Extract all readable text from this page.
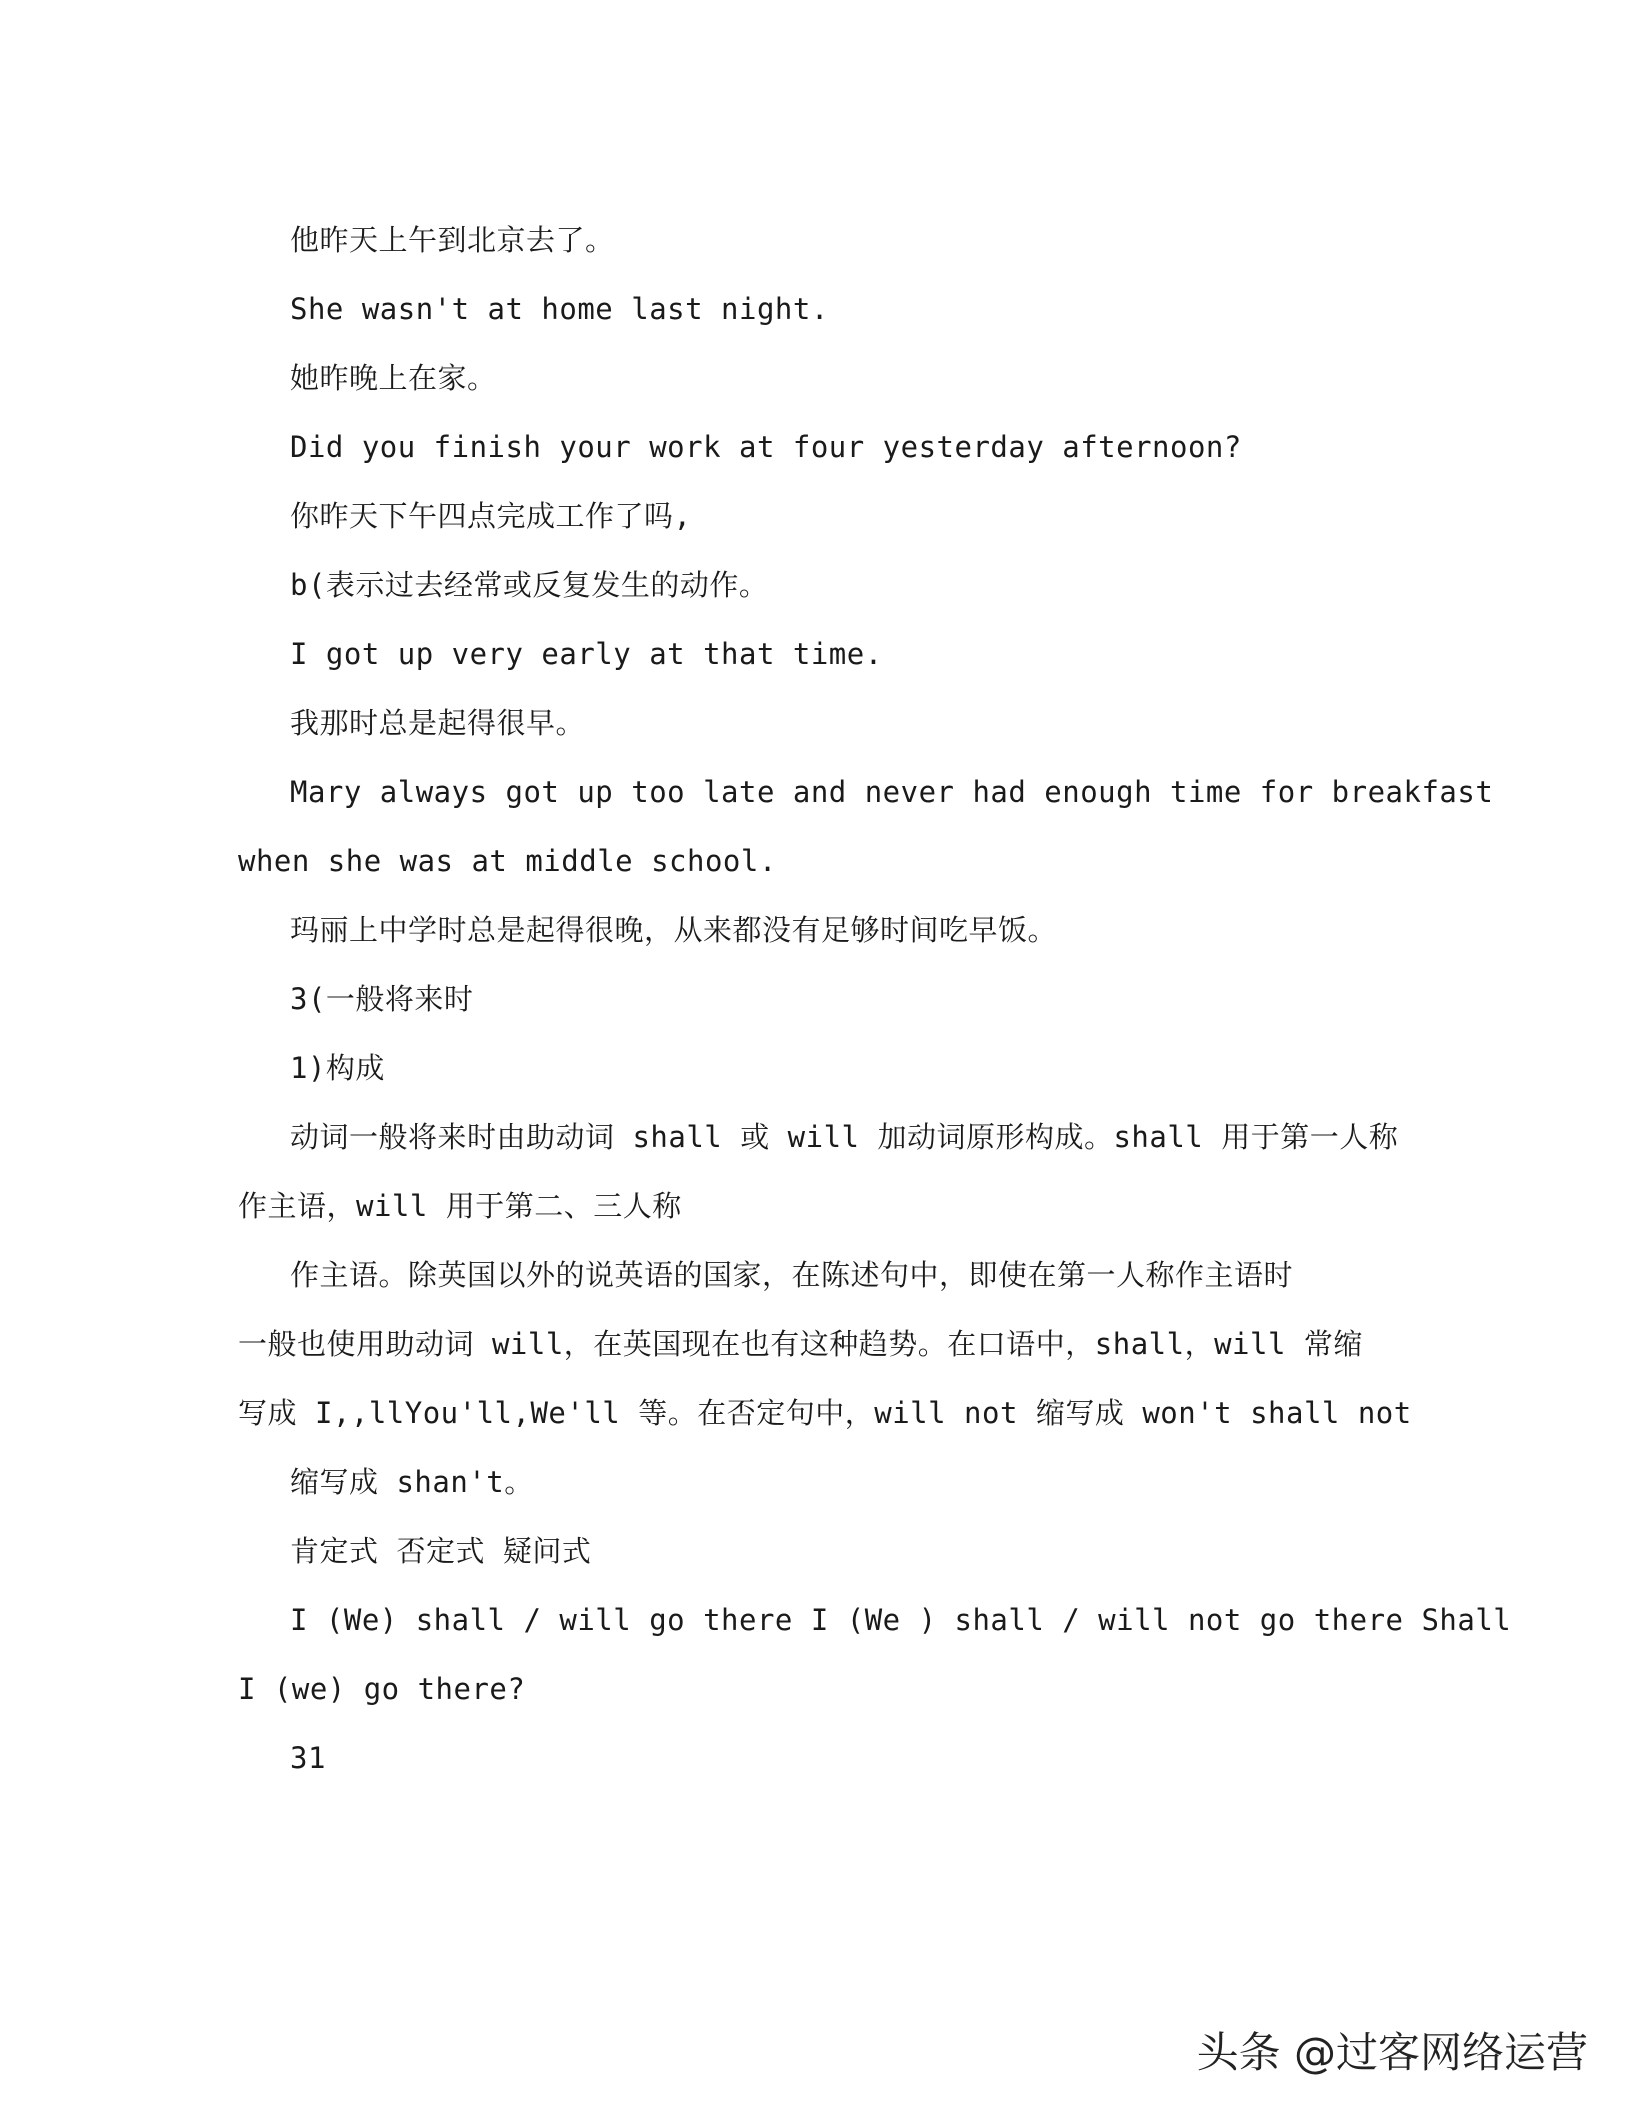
他昨天上午到北京去了。
She wasn't at home last night.
她昨晚上在家。
Did you finish your work at four yesterday afternoon?
你昨天下午四点完成工作了吗,
b(表示过去经常或反复发生的动作。
I got up very early at that time.
我那时总是起得很早。
Mary always got up too late and never had enough time for breakfast
when she was at middle school.
玛丽上中学时总是起得很晚，从来都没有足够时间吃早饭。
3(一般将来时
1)构成
动词一般将来时由助动词 shall 或 will 加动词原形构成。shall 用于第一人称
作主语，will 用于第二、三人称
作主语。除英国以外的说英语的国家，在陈述句中，即使在第一人称作主语时
一般也使用助动词 will，在英国现在也有这种趋势。在口语中，shall，will 常缩
写成 I,,llYou'll,We'll 等。在否定句中，will not 缩写成 won't shall not
缩写成 shan't。
肯定式 否定式 疑问式
I (We) shall / will go there I (We ) shall / will not go there Shall
I (we) go there?
31
头条 @过客网络运营
